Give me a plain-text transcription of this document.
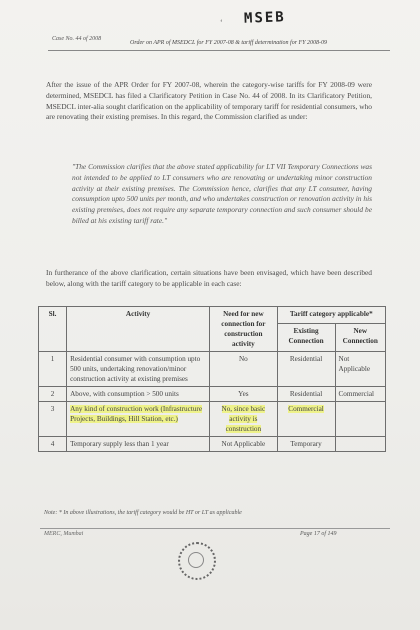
MSEB
‘
Case No. 44 of 2008
Order on APR of MSEDCL for FY 2007-08 & tariff determination for FY 2008-09
After the issue of the APR Order for FY 2007-08, wherein the category-wise tariffs for FY 2008-09 were determined, MSEDCL has filed a Clarificatory Petition in Case No. 44 of 2008. In its Clarificatory Petition, MSEDCL inter-alia sought clarification on the applicability of temporary tariff for residential consumers, who are renovating their existing premises. In this regard, the Commission clarified as under:
"The Commission clarifies that the above stated applicability for LT VII Temporary Connections was not intended to be applied to LT consumers who are renovating or undertaking minor construction activity at their existing premises. The Commission hence, clarifies that any LT consumer, having consumption upto 500 units per month, and who undertakes construction or renovation activity in his existing premises, does not require any separate temporary connection and such consumer should be billed at his existing tariff rate."
In furtherance of the above clarification, certain situations have been envisaged, which have been described below, along with the tariff category to be applicable in each case:
Sl.	Activity	Need for new connection for construction activity	Tariff category applicable*	
			Existing Connection	New Connection
1	Residential consumer with consumption upto 500 units, undertaking renovation/minor construction activity at existing premises	No	Residential	Not Applicable
2	Above, with consumption > 500 units	Yes	Residential	Commercial
3	Any kind of construction work (Infrastructure Projects, Buildings, Hill Station, etc.)	No, since basic activity is construction	Commercial	
4	Temporary supply less than 1 year	Not Applicable	Temporary	
Note: * In above illustrations, the tariff category would be HT or LT as applicable
MERC, Mumbai	Page 17 of 149
